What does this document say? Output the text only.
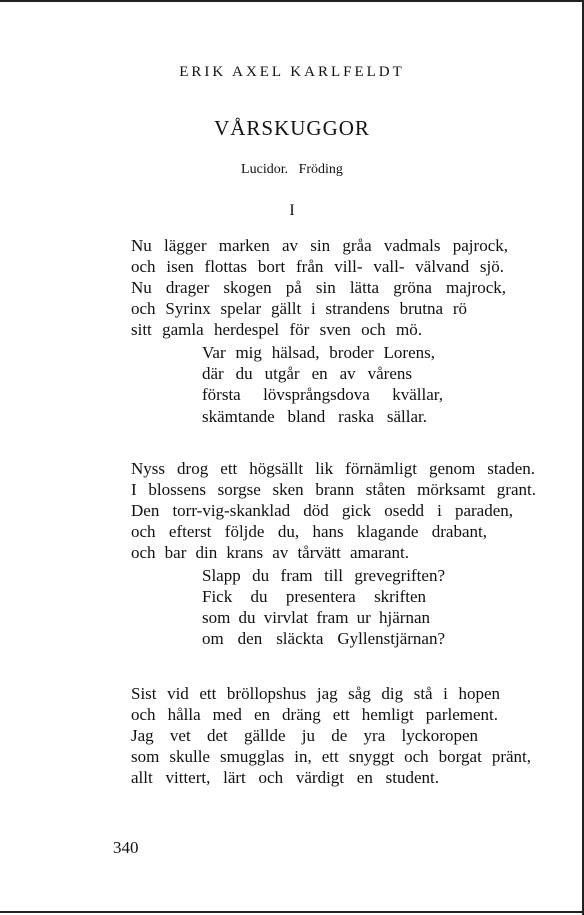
ERIK AXEL KARLFELDT
VÅRSKUGGOR
Lucidor.   Fröding
I
Nu lägger marken av sin gråa vadmals pajrock,
och isen flottas bort från vill- vall- välvand sjö.
Nu drager skogen på sin lätta gröna majrock,
och Syrinx spelar gällt i strandens brutna rö
sitt gamla herdespel för sven och mö.
Var mig hälsad, broder Lorens,
där du utgår en av vårens
första lövsprångsdova kvällar,
skämtande bland raska sällar.
Nyss drog ett högsällt lik förnämligt genom staden.
I blossens sorgse sken brann ståten mörksamt grant.
Den torr-vig-skanklad död gick osedd i paraden,
och efterst följde du, hans klagande drabant,
och bar din krans av tårvätt amarant.
Slapp du fram till grevegriften?
Fick du presentera skriften
som du virvlat fram ur hjärnan
om den släckta Gyllenstjärnan?
Sist vid ett bröllopshus jag såg dig stå i hopen
och hålla med en dräng ett hemligt parlement.
Jag vet det gällde ju de yra lyckoropen
som skulle smugglas in, ett snyggt och borgat pränt,
allt vittert, lärt och värdigt en student.
340
